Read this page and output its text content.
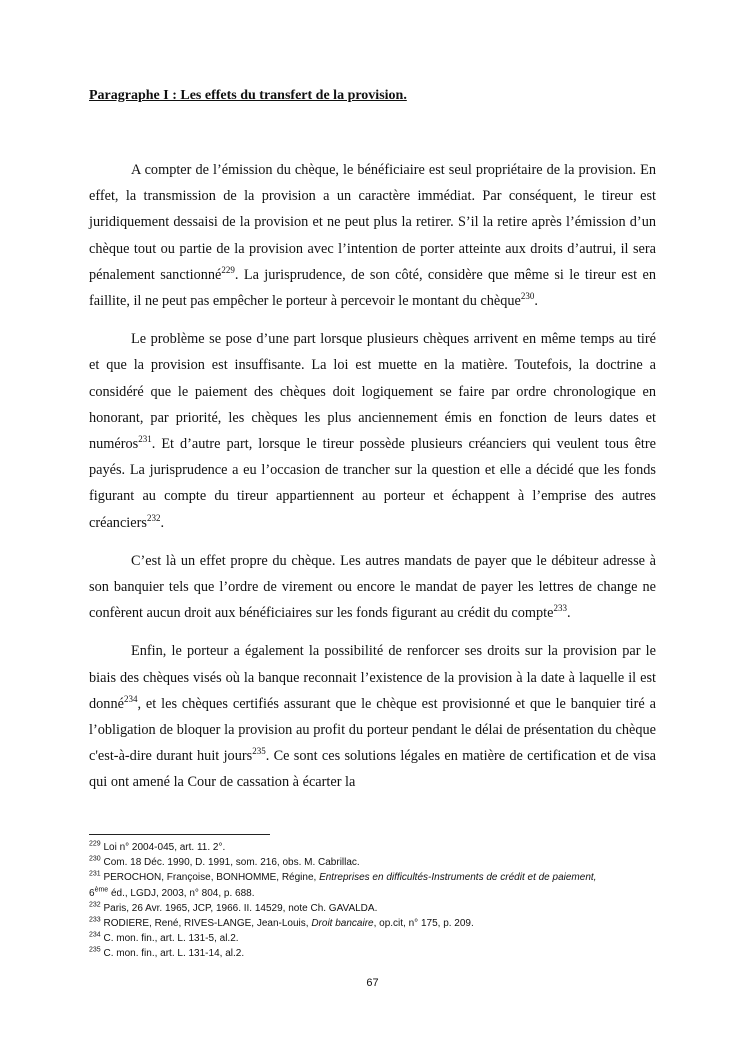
Paragraphe I : Les effets du transfert de la provision.

A compter de l’émission du chèque, le bénéficiaire est seul propriétaire de la provision. En effet, la transmission de la provision a un caractère immédiat. Par conséquent, le tireur est juridiquement dessaisi de la provision et ne peut plus la retirer. S’il la retire après l’émission d’un chèque tout ou partie de la provision avec l’intention de porter atteinte aux droits d’autrui, il sera pénalement sanctionné$^{229}$. La jurisprudence, de son côté, considère que même si le tireur est en faillite, il ne peut pas empêcher le porteur à percevoir le montant du chèque$^{230}$.

Le problème se pose d’une part lorsque plusieurs chèques arrivent en même temps au tiré et que la provision est insuffisante. La loi est muette en la matière. Toutefois, la doctrine a considéré que le paiement des chèques doit logiquement se faire par ordre chronologique en honorant, par priorité, les chèques les plus anciennement émis en fonction de leurs dates et numéros$^{231}$. Et d’autre part, lorsque le tireur possède plusieurs créanciers qui veulent tous être payés. La jurisprudence a eu l’occasion de trancher sur la question et elle a décidé que les fonds figurant au compte du tireur appartiennent au porteur et échappent à l’emprise des autres créanciers$^{232}$.

C’est là un effet propre du chèque. Les autres mandats de payer que le débiteur adresse à son banquier tels que l’ordre de virement ou encore le mandat de payer les lettres de change ne confèrent aucun droit aux bénéficiaires sur les fonds figurant au crédit du compte$^{233}$.

Enfin, le porteur a également la possibilité de renforcer ses droits sur la provision par le biais des chèques visés où la banque reconnait l’existence de la provision à la date à laquelle il est donné$^{234}$, et les chèques certifiés assurant que le chèque est provisionné et que le banquier tiré a l’obligation de bloquer la provision au profit du porteur pendant le délai de présentation du chèque c'est-à-dire durant huit jours$^{235}$. Ce sont ces solutions légales en matière de certification et de visa qui ont amené la Cour de cassation à écarter la

$^{229}$ Loi n° 2004-045, art. 11. 2°.

$^{230}$ Com. 18 Déc. 1990, D. 1991, som. 216, obs. M. Cabrillac.

$^{231}$ PEROCHON, Françoise, BONHOMME, Régine, Entreprises en difficultés-Instruments de crédit et de paiement,
6ème éd., LGDJ, 2003, n° 804, p. 688.

$^{232}$ Paris, 26 Avr. 1965, JCP, 1966. II. 14529, note Ch. GAVALDA.

$^{233}$ RODIERE, René, RIVES-LANGE, Jean-Louis, Droit bancaire, op.cit, n° 175, p. 209.

$^{234}$ C. mon. fin., art. L. 131-5, al.2.

$^{235}$ C. mon. fin., art. L. 131-14, al.2.

67
